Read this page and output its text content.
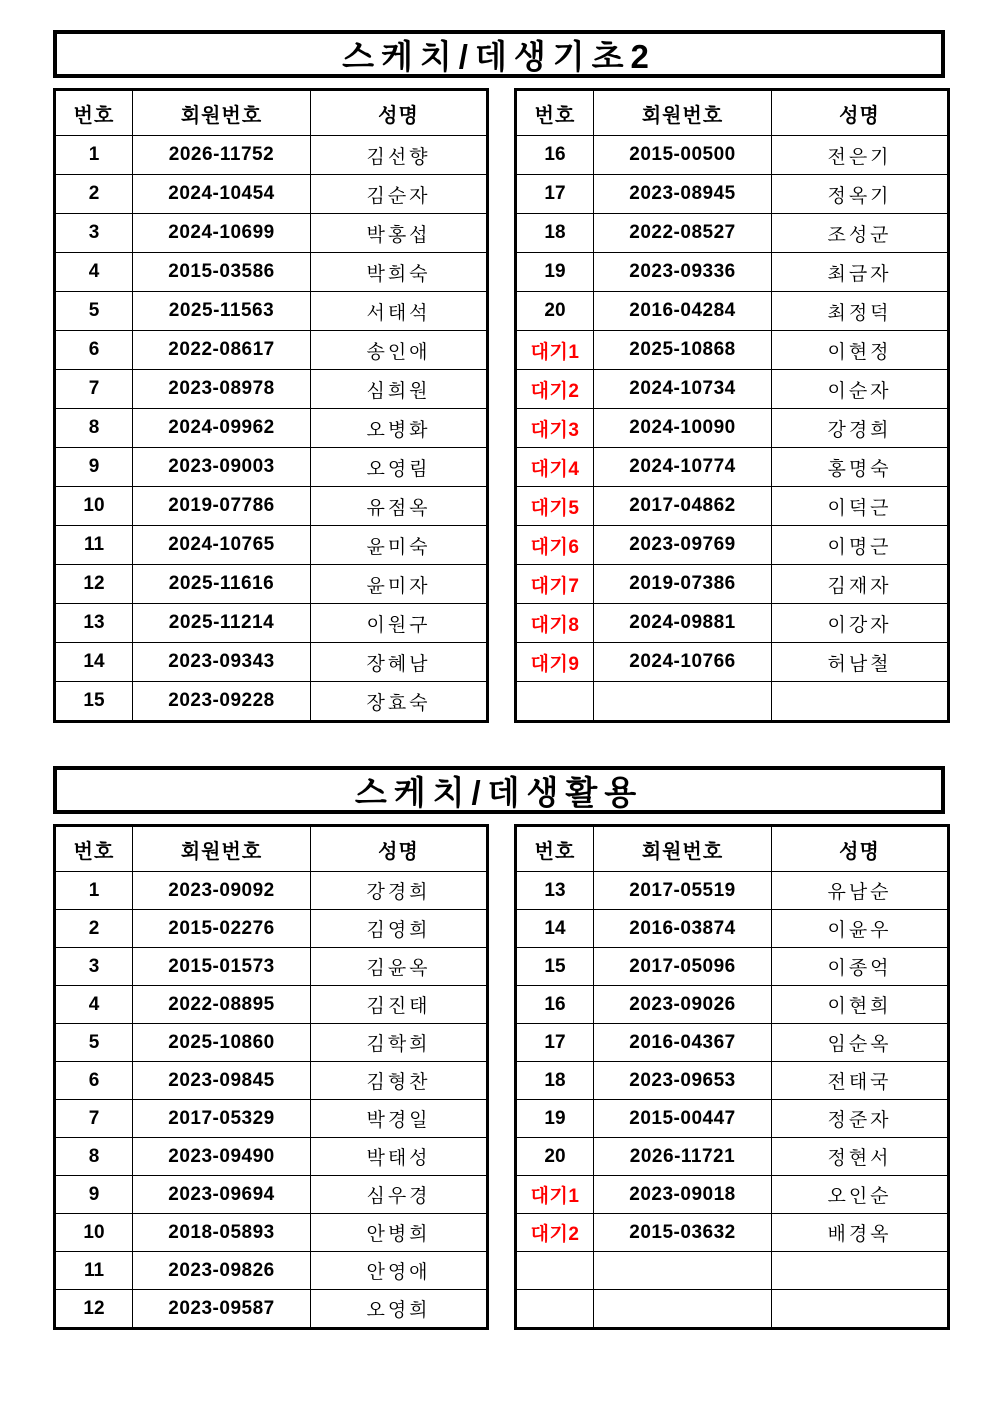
스케치/데생기초2
번호	회원번호	성명
1	2026-11752	김선향
2	2024-10454	김순자
3	2024-10699	박홍섭
4	2015-03586	박희숙
5	2025-11563	서태석
6	2022-08617	송인애
7	2023-08978	심희원
8	2024-09962	오병화
9	2023-09003	오영림
10	2019-07786	유점옥
11	2024-10765	윤미숙
12	2025-11616	윤미자
13	2025-11214	이원구
14	2023-09343	장혜남
15	2023-09228	장효숙
번호	회원번호	성명
16	2015-00500	전은기
17	2023-08945	정옥기
18	2022-08527	조성군
19	2023-09336	최금자
20	2016-04284	최정덕
대기1	2025-10868	이현정
대기2	2024-10734	이순자
대기3	2024-10090	강경희
대기4	2024-10774	홍명숙
대기5	2017-04862	이덕근
대기6	2023-09769	이명근
대기7	2019-07386	김재자
대기8	2024-09881	이강자
대기9	2024-10766	허남철

스케치/데생활용
번호	회원번호	성명
1	2023-09092	강경희
2	2015-02276	김영희
3	2015-01573	김윤옥
4	2022-08895	김진태
5	2025-10860	김학희
6	2023-09845	김형찬
7	2017-05329	박경일
8	2023-09490	박태성
9	2023-09694	심우경
10	2018-05893	안병희
11	2023-09826	안영애
12	2023-09587	오영희
번호	회원번호	성명
13	2017-05519	유남순
14	2016-03874	이윤우
15	2017-05096	이종억
16	2023-09026	이현희
17	2016-04367	임순옥
18	2023-09653	전태국
19	2015-00447	정준자
20	2026-11721	정현서
대기1	2023-09018	오인순
대기2	2015-03632	배경옥
